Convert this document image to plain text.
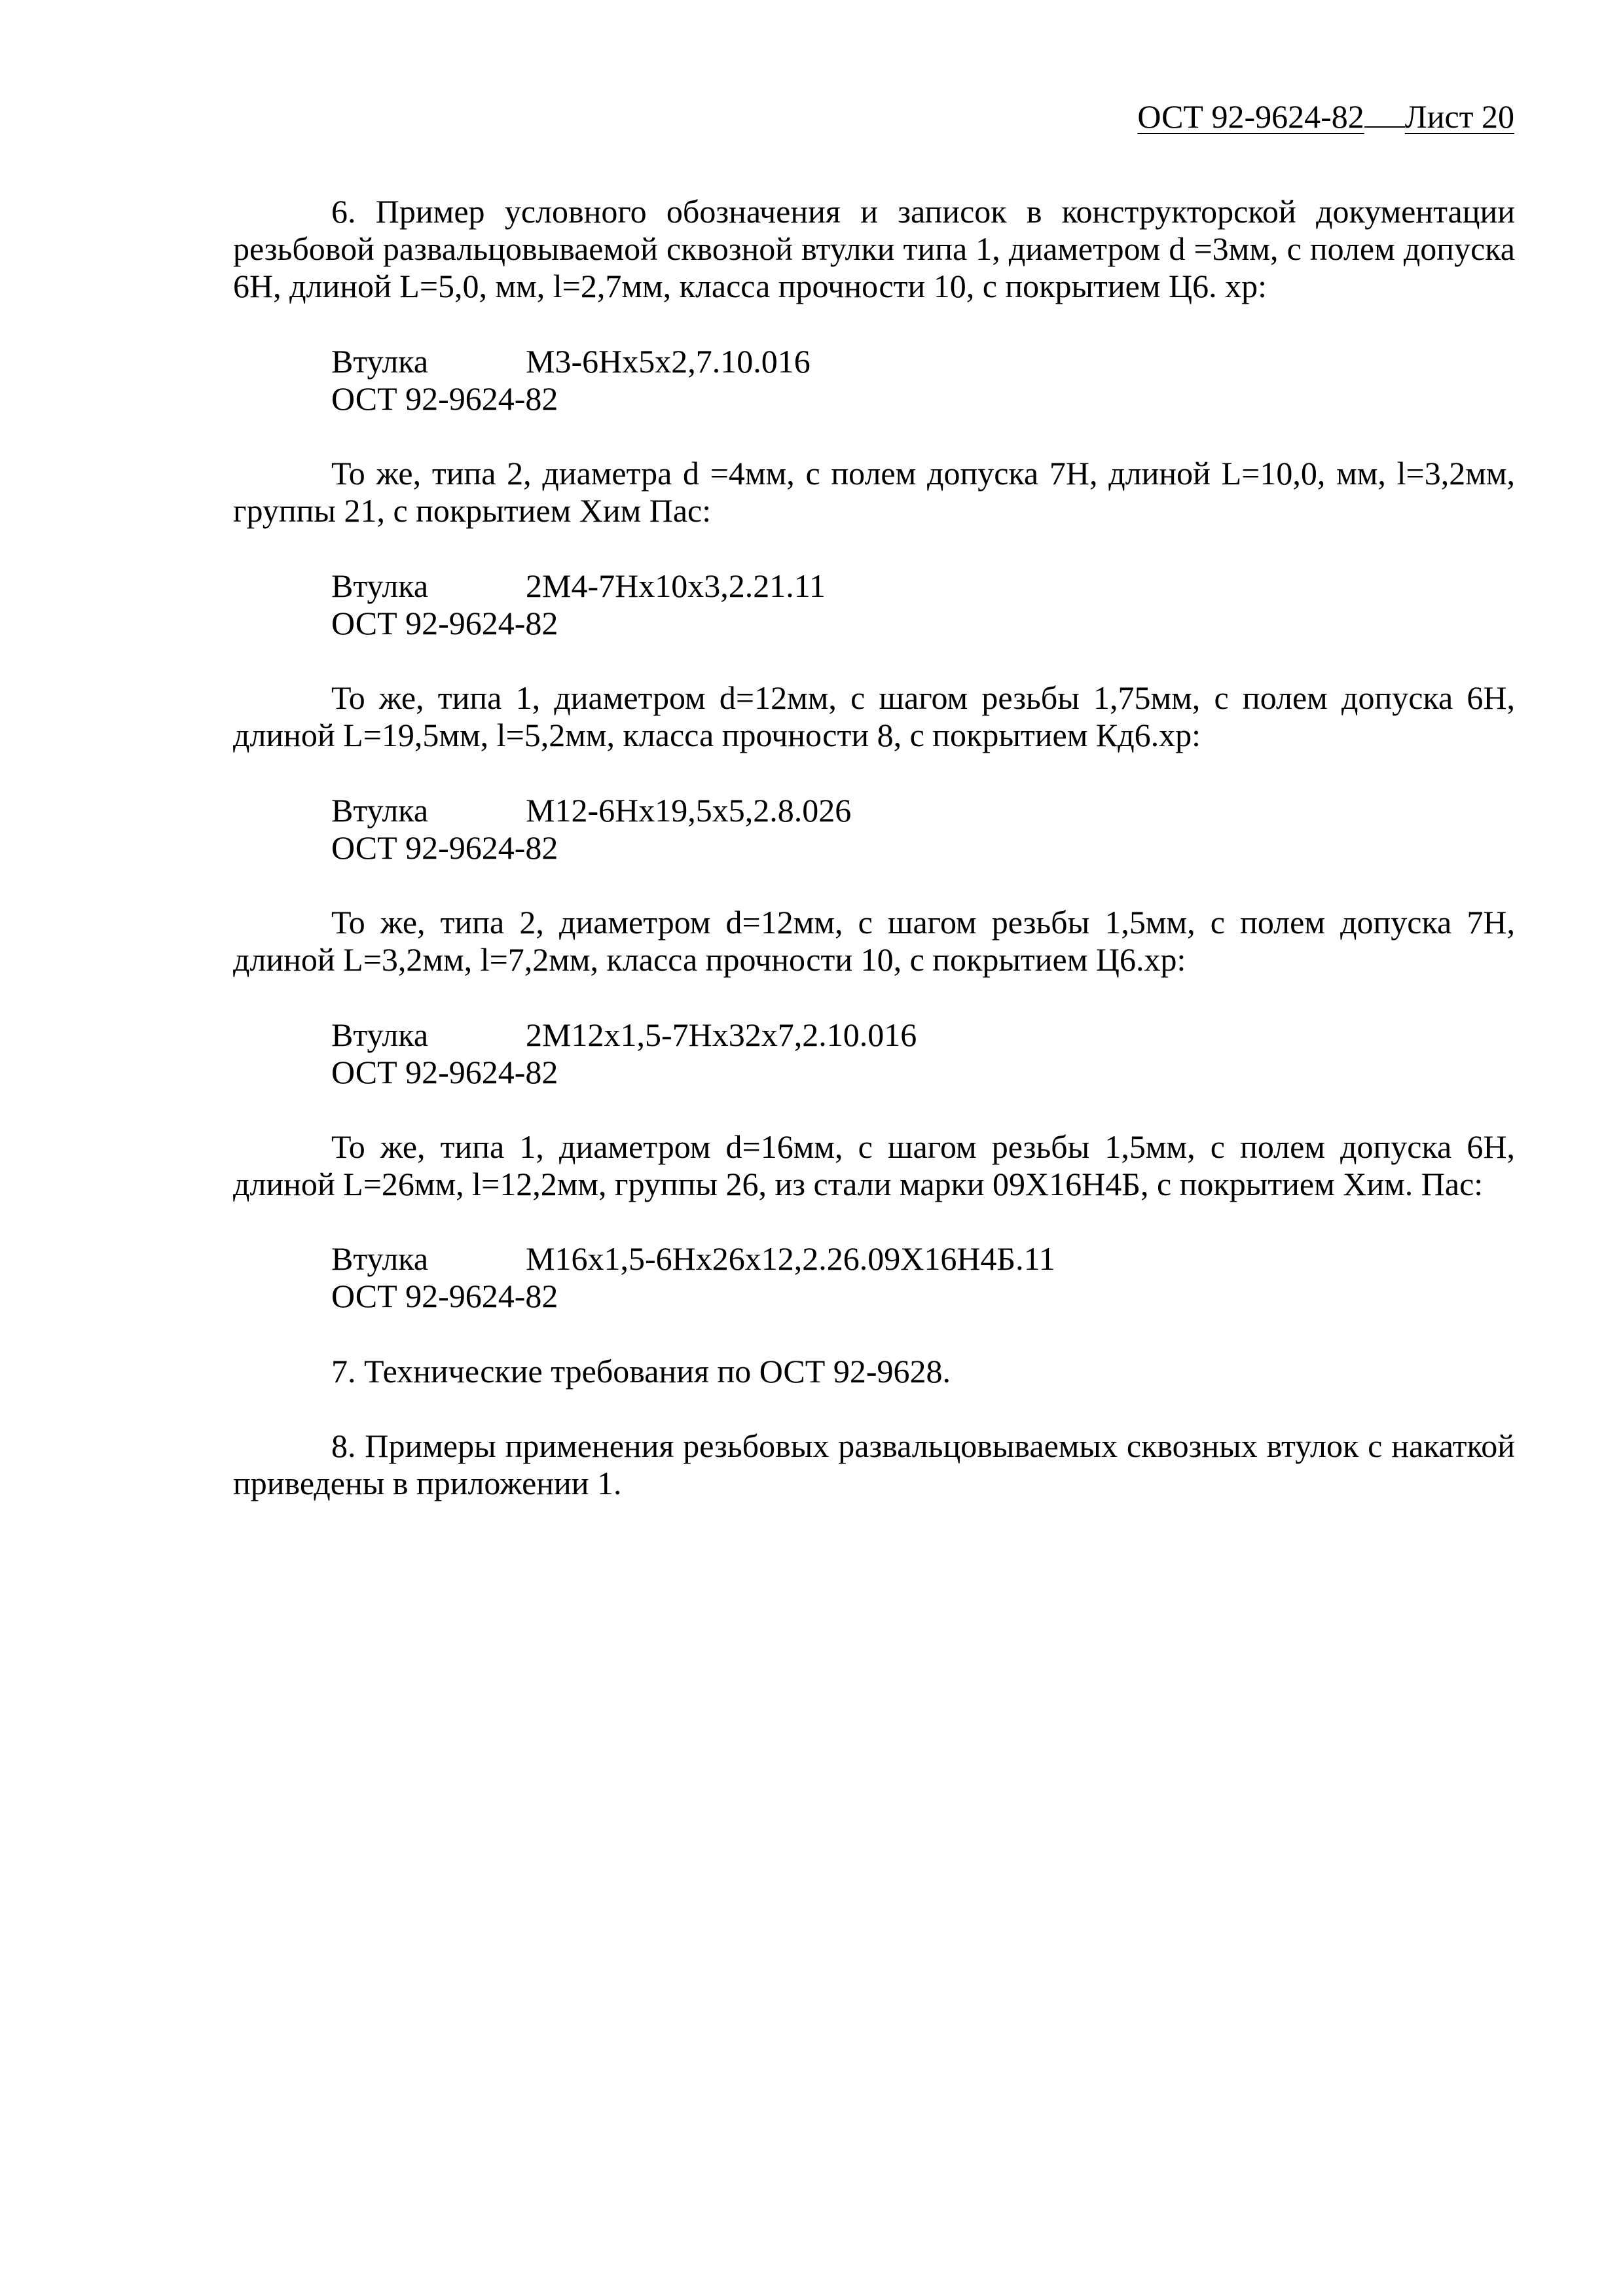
ОСТ 92-9624-82 Лист 20

6. Пример условного обозначения и записок в конструкторской документации резьбовой развальцовываемой сквозной втулки типа 1, диаметром d =3мм, с полем допуска 6Н, длиной L=5,0, мм, l=2,7мм, класса прочности 10, с покрытием Ц6. хр:

Втулка	М3-6Нх5х2,7.10.016
ОСТ 92-9624-82

То же, типа 2, диаметра d =4мм, с полем допуска 7Н, длиной L=10,0, мм, l=3,2мм, группы 21, с покрытием Хим Пас:

Втулка	2М4-7Нх10х3,2.21.11
ОСТ 92-9624-82

То же, типа 1, диаметром d=12мм, с шагом резьбы 1,75мм, с полем допуска 6Н, длиной L=19,5мм, l=5,2мм, класса прочности 8, с покрытием Кд6.хр:

Втулка	М12-6Нх19,5х5,2.8.026
ОСТ 92-9624-82

То же, типа 2, диаметром d=12мм, с шагом резьбы 1,5мм, с полем допуска 7Н, длиной L=3,2мм, l=7,2мм, класса прочности 10, с покрытием Ц6.хр:

Втулка	2М12х1,5-7Нх32х7,2.10.016
ОСТ 92-9624-82

То же, типа 1, диаметром d=16мм, с шагом резьбы 1,5мм, с полем допуска 6Н, длиной L=26мм, l=12,2мм, группы 26, из стали марки 09Х16Н4Б, с покрытием Хим. Пас:

Втулка	М16х1,5-6Нх26х12,2.26.09Х16Н4Б.11
ОСТ 92-9624-82

7. Технические требования по ОСТ 92-9628.

8. Примеры применения резьбовых развальцовываемых сквозных втулок с накаткой приведены в приложении 1.
